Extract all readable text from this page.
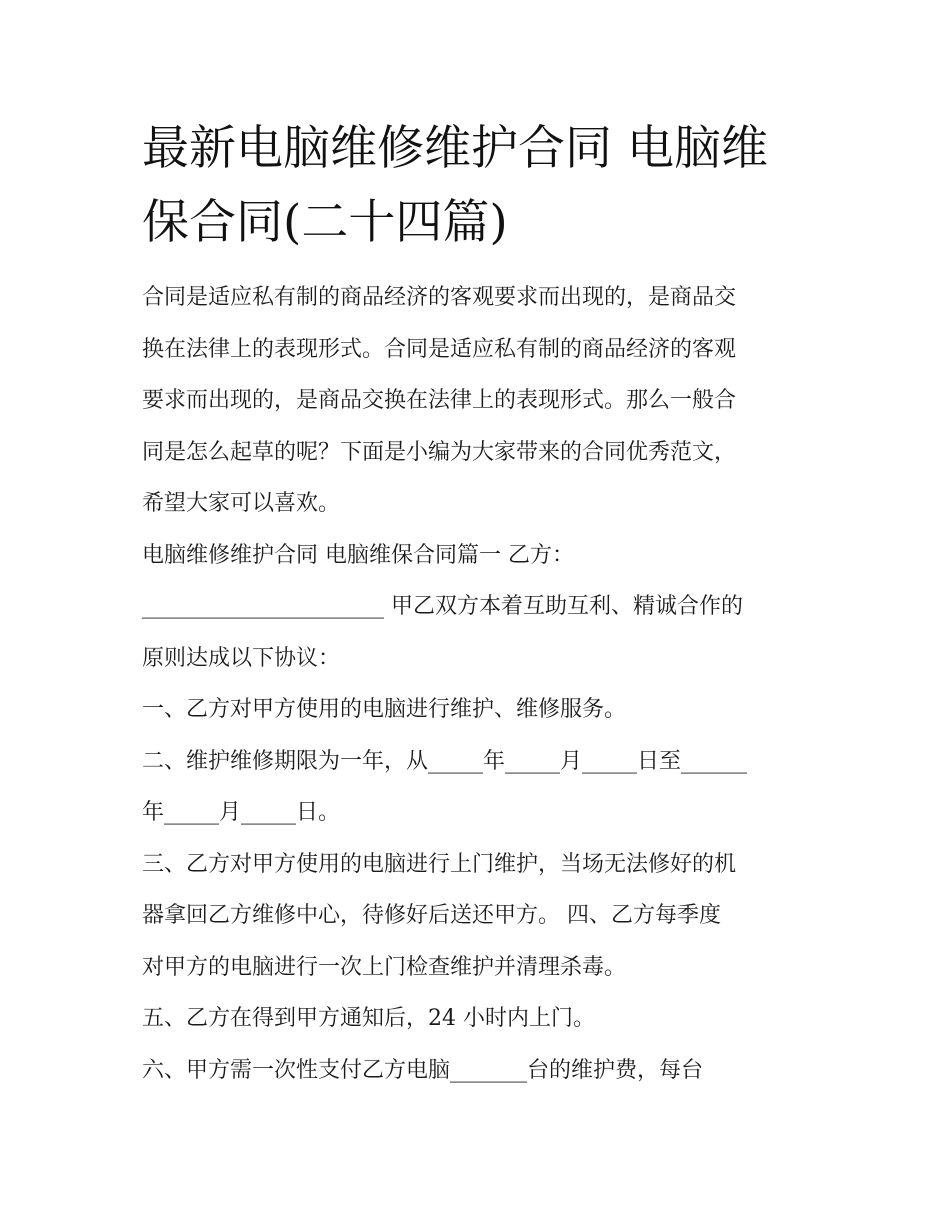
最新电脑维修维护合同 电脑维
保合同(二十四篇)

合同是适应私有制的商品经济的客观要求而出现的，是商品交
换在法律上的表现形式。合同是适应私有制的商品经济的客观
要求而出现的，是商品交换在法律上的表现形式。那么一般合
同是怎么起草的呢？下面是小编为大家带来的合同优秀范文，
希望大家可以喜欢。

电脑维修维护合同 电脑维保合同篇一 乙方：
______________________ 甲乙双方本着互助互利、精诚合作的
原则达成以下协议：

一、乙方对甲方使用的电脑进行维护、维修服务。

二、维护维修期限为一年，从_____年_____月_____日至______
年_____月_____日。

三、乙方对甲方使用的电脑进行上门维护，当场无法修好的机
器拿回乙方维修中心，待修好后送还甲方。 四、乙方每季度
对甲方的电脑进行一次上门检查维护并清理杀毒。

五、乙方在得到甲方通知后，24 小时内上门。

六、甲方需一次性支付乙方电脑_______台的维护费，每台
